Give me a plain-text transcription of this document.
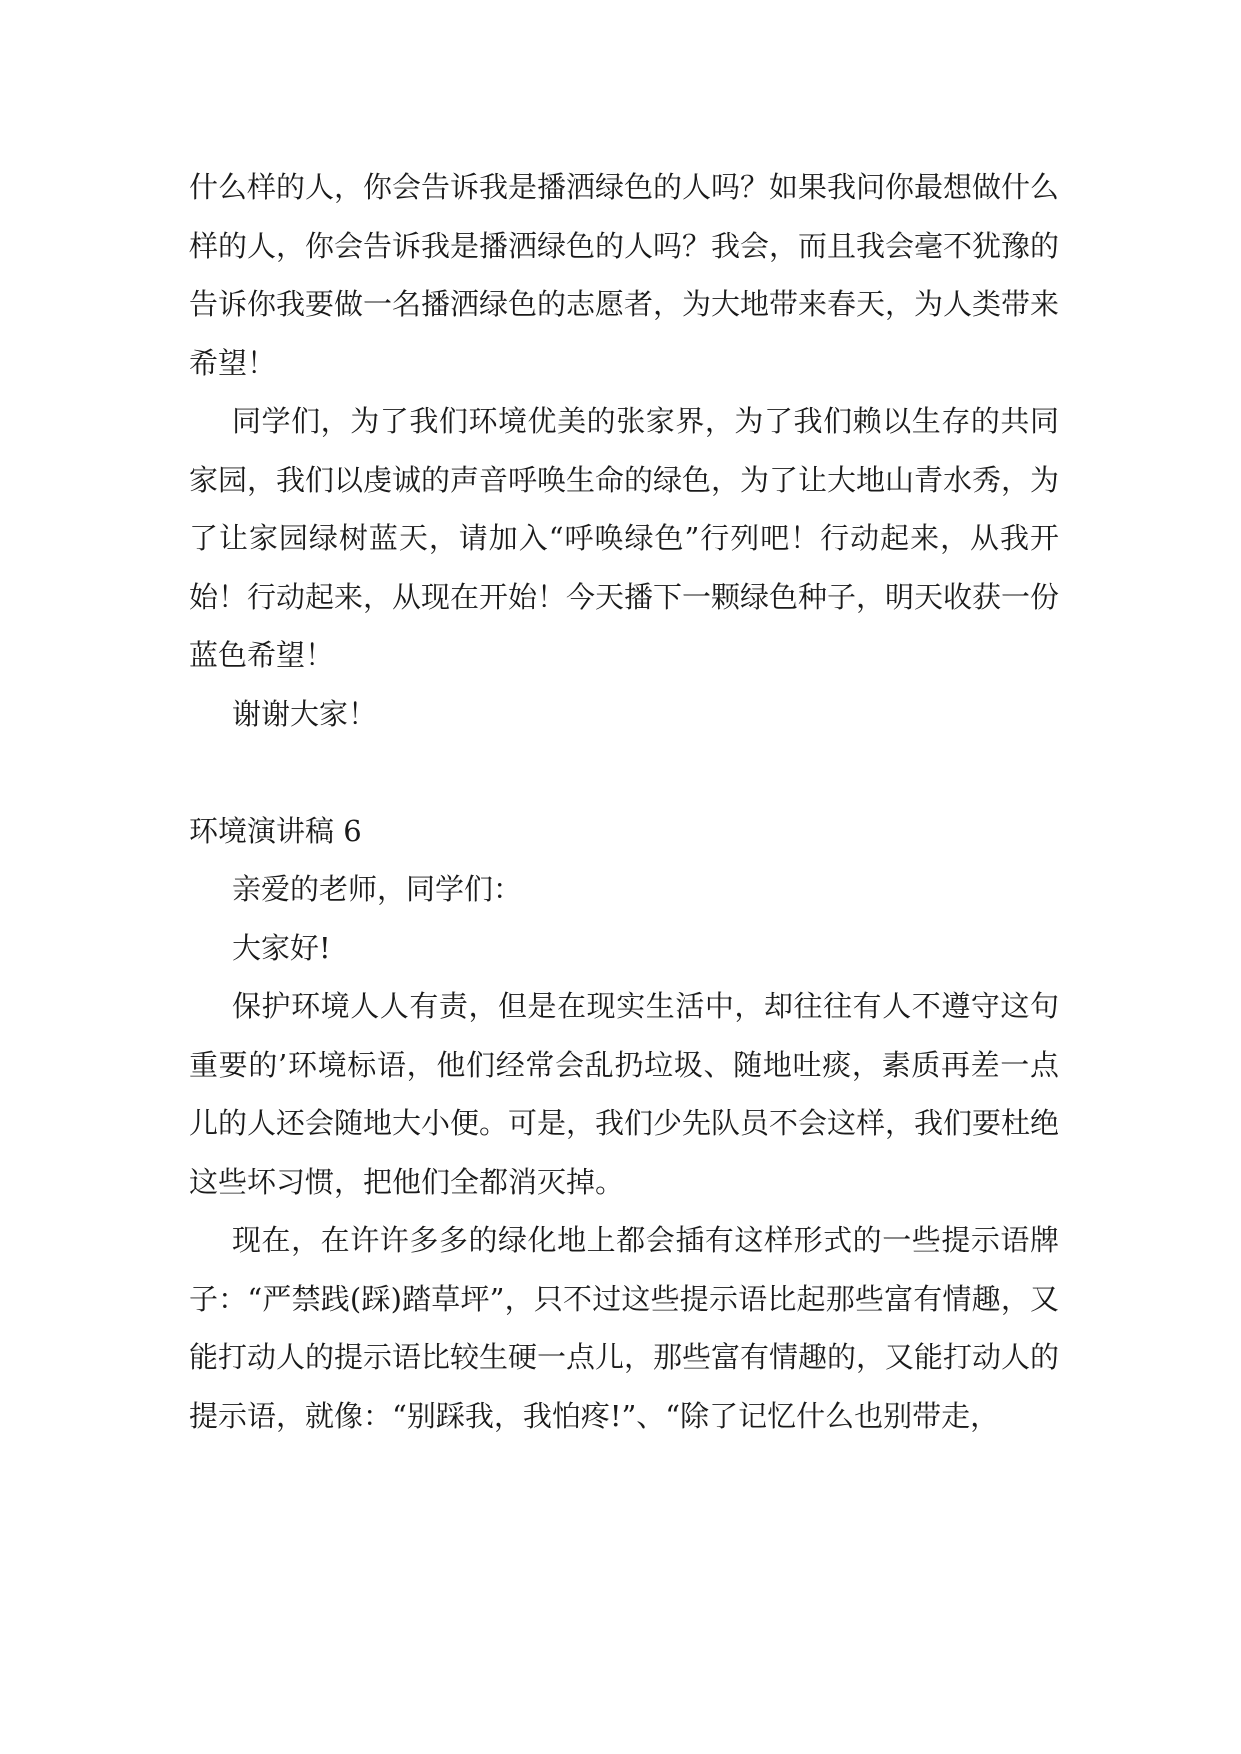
什么样的人，你会告诉我是播洒绿色的人吗？如果我问你最想做什么样的人，你会告诉我是播洒绿色的人吗？我会，而且我会毫不犹豫的告诉你我要做一名播洒绿色的志愿者，为大地带来春天，为人类带来希望！

同学们，为了我们环境优美的张家界，为了我们赖以生存的共同家园，我们以虔诚的声音呼唤生命的绿色，为了让大地山青水秀，为了让家园绿树蓝天，请加入“呼唤绿色”行列吧！行动起来，从我开始！行动起来，从现在开始！今天播下一颗绿色种子，明天收获一份蓝色希望！

谢谢大家！

环境演讲稿 6

亲爱的老师，同学们：

大家好!

保护环境人人有责，但是在现实生活中，却往往有人不遵守这句重要的’环境标语，他们经常会乱扔垃圾、随地吐痰，素质再差一点儿的人还会随地大小便。可是，我们少先队员不会这样，我们要杜绝这些坏习惯，把他们全都消灭掉。

现在，在许许多多的绿化地上都会插有这样形式的一些提示语牌子：“严禁践(踩)踏草坪”，只不过这些提示语比起那些富有情趣，又能打动人的提示语比较生硬一点儿，那些富有情趣的，又能打动人的提示语，就像：“别踩我，我怕疼!”、“除了记忆什么也别带走，
